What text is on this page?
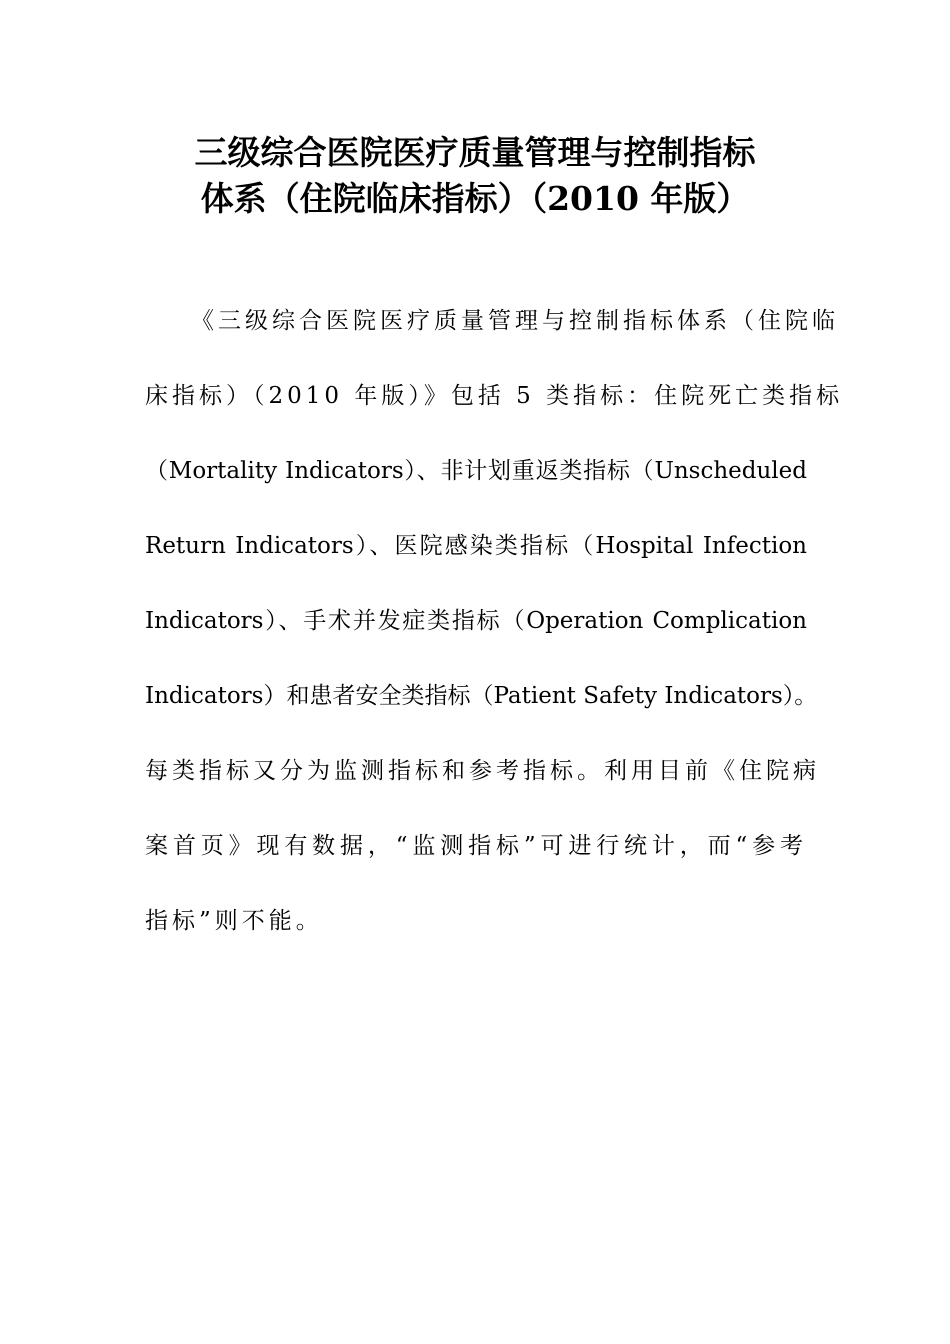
三级综合医院医疗质量管理与控制指标
体系（住院临床指标）（2010 年版）
《三级综合医院医疗质量管理与控制指标体系（住院临
床指标）（2010 年版）》包括 5 类指标：住院死亡类指标
（Mortality Indicators）、非计划重返类指标（Unscheduled
Return Indicators）、医院感染类指标（Hospital Infection
Indicators）、手术并发症类指标（Operation Complication
Indicators）和患者安全类指标（Patient Safety Indicators）。
每类指标又分为监测指标和参考指标。利用目前《住院病
案首页》现有数据，“监测指标”可进行统计，而“参考
指标”则不能。
